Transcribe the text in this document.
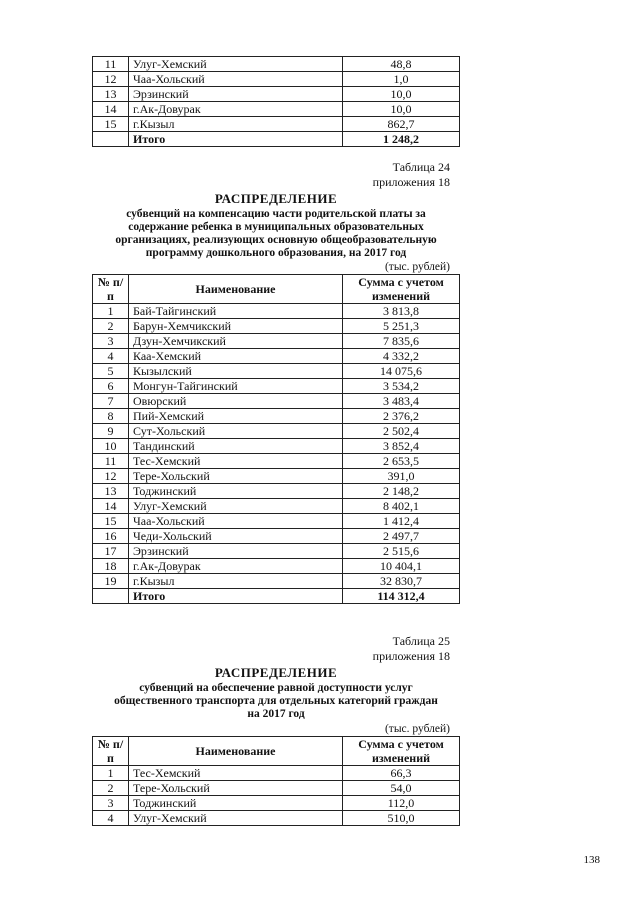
11	Улуг-Хемский	48,8
12	Чаа-Хольский	1,0
13	Эрзинский	10,0
14	г.Ак-Довурак	10,0
15	г.Кызыл	862,7
	Итого	1 248,2
Таблица 24
приложения 18
РАСПРЕДЕЛЕНИЕ
субвенций на компенсацию части родительской платы за
содержание ребенка в муниципальных образовательных
организациях, реализующих основную общеобразовательную
программу дошкольного образования, на 2017 год
(тыс. рублей)
№ п/п	Наименование	Сумма с учетом изменений
1	Бай-Тайгинский	3 813,8
2	Барун-Хемчикский	5 251,3
3	Дзун-Хемчикский	7 835,6
4	Каа-Хемский	4 332,2
5	Кызылский	14 075,6
6	Монгун-Тайгинский	3 534,2
7	Овюрский	3 483,4
8	Пий-Хемский	2 376,2
9	Сут-Хольский	2 502,4
10	Тандинский	3 852,4
11	Тес-Хемский	2 653,5
12	Тере-Хольский	391,0
13	Тоджинский	2 148,2
14	Улуг-Хемский	8 402,1
15	Чаа-Хольский	1 412,4
16	Чеди-Хольский	2 497,7
17	Эрзинский	2 515,6
18	г.Ак-Довурак	10 404,1
19	г.Кызыл	32 830,7
	Итого	114 312,4
Таблица 25
приложения 18
РАСПРЕДЕЛЕНИЕ
субвенций на обеспечение равной доступности услуг
общественного транспорта для отдельных категорий граждан
на 2017 год
(тыс. рублей)
№ п/п	Наименование	Сумма с учетом изменений
1	Тес-Хемский	66,3
2	Тере-Хольский	54,0
3	Тоджинский	112,0
4	Улуг-Хемский	510,0
138
